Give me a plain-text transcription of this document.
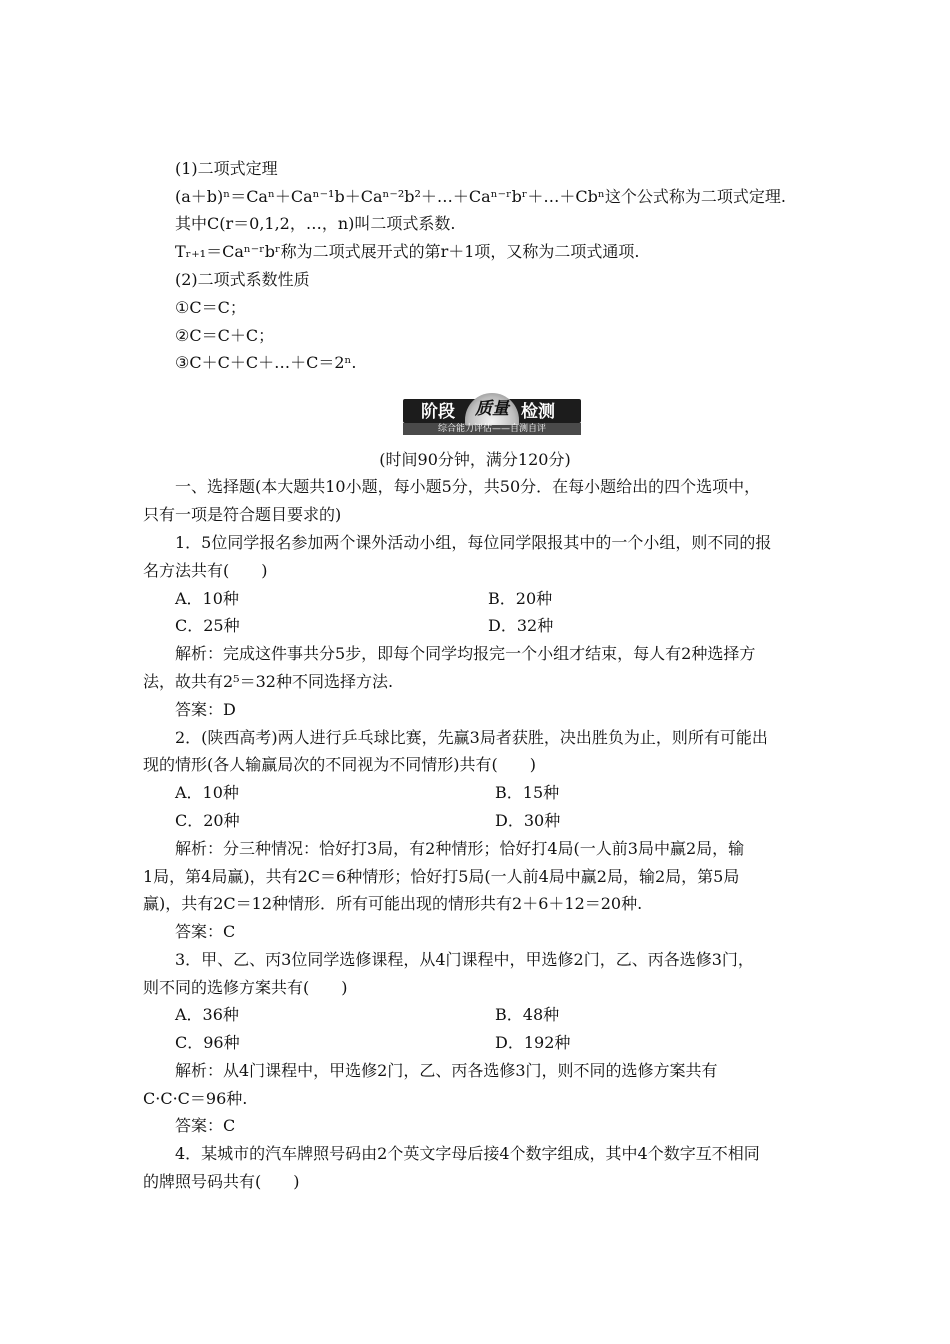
(1)二项式定理
(a＋b)ⁿ＝Caⁿ＋Caⁿ⁻¹b＋Caⁿ⁻²b²＋…＋Caⁿ⁻ʳbʳ＋…＋Cbⁿ这个公式称为二项式定理.
其中C(r＝0,1,2，…，n)叫二项式系数.
Tᵣ₊₁＝Caⁿ⁻ʳbʳ称为二项式展开式的第r＋1项，又称为二项式通项.
(2)二项式系数性质
①C＝C；
②C＝C＋C；
③C＋C＋C＋…＋C＝2ⁿ.
阶段	质量 检测
综合能力评估——自测自评
(时间90分钟，满分120分)
一、选择题(本大题共10小题，每小题5分，共50分．在每小题给出的四个选项中，
只有一项是符合题目要求的)
1．5位同学报名参加两个课外活动小组，每位同学限报其中的一个小组，则不同的报
名方法共有(　　)
A．10种	B．20种
C．25种	D．32种
解析：完成这件事共分5步，即每个同学均报完一个小组才结束，每人有2种选择方
法，故共有2⁵＝32种不同选择方法.
答案：D
2．(陕西高考)两人进行乒乓球比赛，先赢3局者获胜，决出胜负为止，则所有可能出
现的情形(各人输赢局次的不同视为不同情形)共有(　　)
A．10种	B．15种
C．20种	D．30种
解析：分三种情况：恰好打3局，有2种情形；恰好打4局(一人前3局中赢2局，输
1局，第4局赢)，共有2C＝6种情形；恰好打5局(一人前4局中赢2局，输2局，第5局
赢)，共有2C＝12种情形．所有可能出现的情形共有2＋6＋12＝20种.
答案：C
3．甲、乙、丙3位同学选修课程，从4门课程中，甲选修2门，乙、丙各选修3门，
则不同的选修方案共有(　　)
A．36种	B．48种
C．96种	D．192种
解析：从4门课程中，甲选修2门，乙、丙各选修3门，则不同的选修方案共有
C·C·C＝96种.
答案：C
4．某城市的汽车牌照号码由2个英文字母后接4个数字组成，其中4个数字互不相同
的牌照号码共有(　　)
